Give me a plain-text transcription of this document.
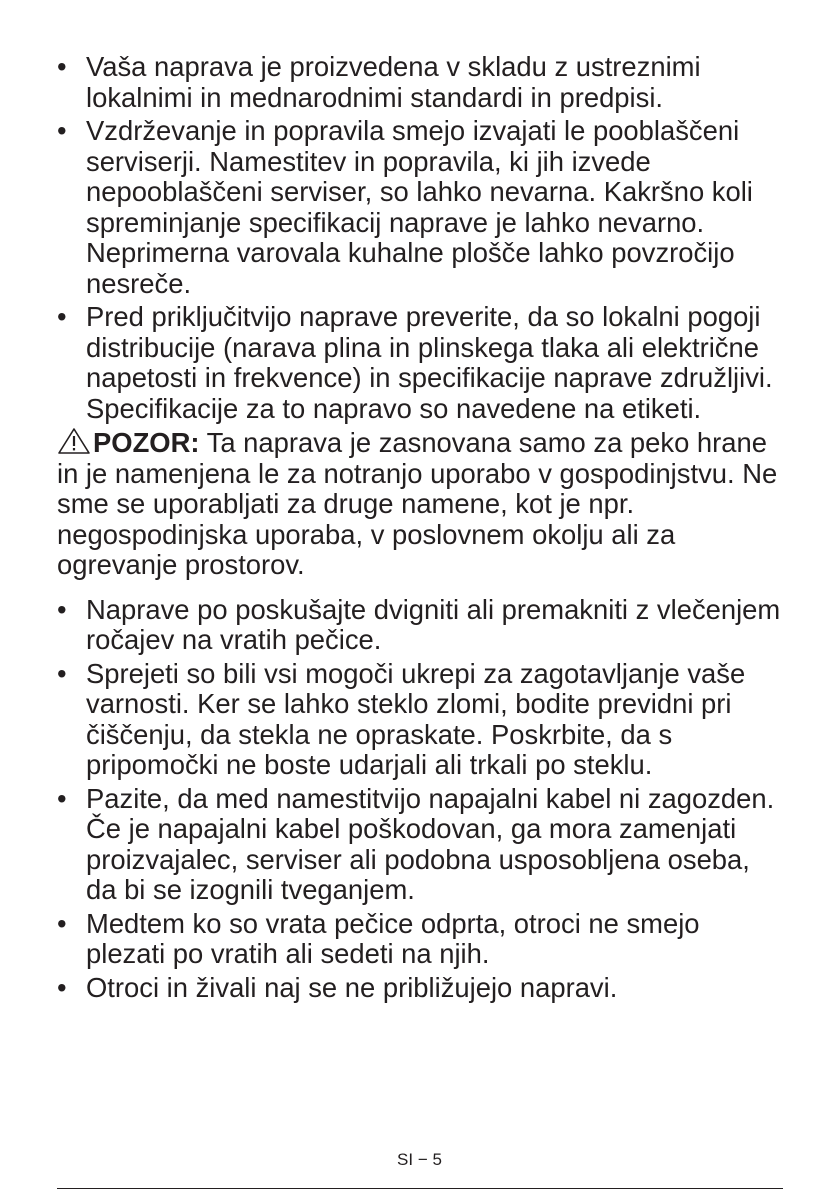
• Vaša naprava je proizvedena v skladu z ustreznimi lokalnimi in mednarodnimi standardi in predpisi.
• Vzdrževanje in popravila smejo izvajati le pooblaščeni serviserji. Namestitev in popravila, ki jih izvede nepooblaščeni serviser, so lahko nevarna. Kakršno koli spreminjanje specifikacij naprave je lahko nevarno. Neprimerna varovala kuhalne plošče lahko povzročijo nesreče.
• Pred priključitvijo naprave preverite, da so lokalni pogoji distribucije (narava plina in plinskega tlaka ali električne napetosti in frekvence) in specifikacije naprave združljivi. Specifikacije za to napravo so navedene na etiketi.

POZOR: Ta naprava je zasnovana samo za peko hrane in je namenjena le za notranjo uporabo v gospodinjstvu. Ne sme se uporabljati za druge namene, kot je npr. negospodinjska uporaba, v poslovnem okolju ali za ogrevanje prostorov.

• Naprave po poskušajte dvigniti ali premakniti z vlečenjem ročajev na vratih pečice.
• Sprejeti so bili vsi mogoči ukrepi za zagotavljanje vaše varnosti. Ker se lahko steklo zlomi, bodite previdni pri čiščenju, da stekla ne opraskate. Poskrbite, da s pripomočki ne boste udarjali ali trkali po steklu.
• Pazite, da med namestitvijo napajalni kabel ni zagozden. Če je napajalni kabel poškodovan, ga mora zamenjati proizvajalec, serviser ali podobna usposobljena oseba, da bi se izognili tveganjem.
• Medtem ko so vrata pečice odprta, otroci ne smejo plezati po vratih ali sedeti na njih.
• Otroci in živali naj se ne približujejo napravi.
SI − 5
